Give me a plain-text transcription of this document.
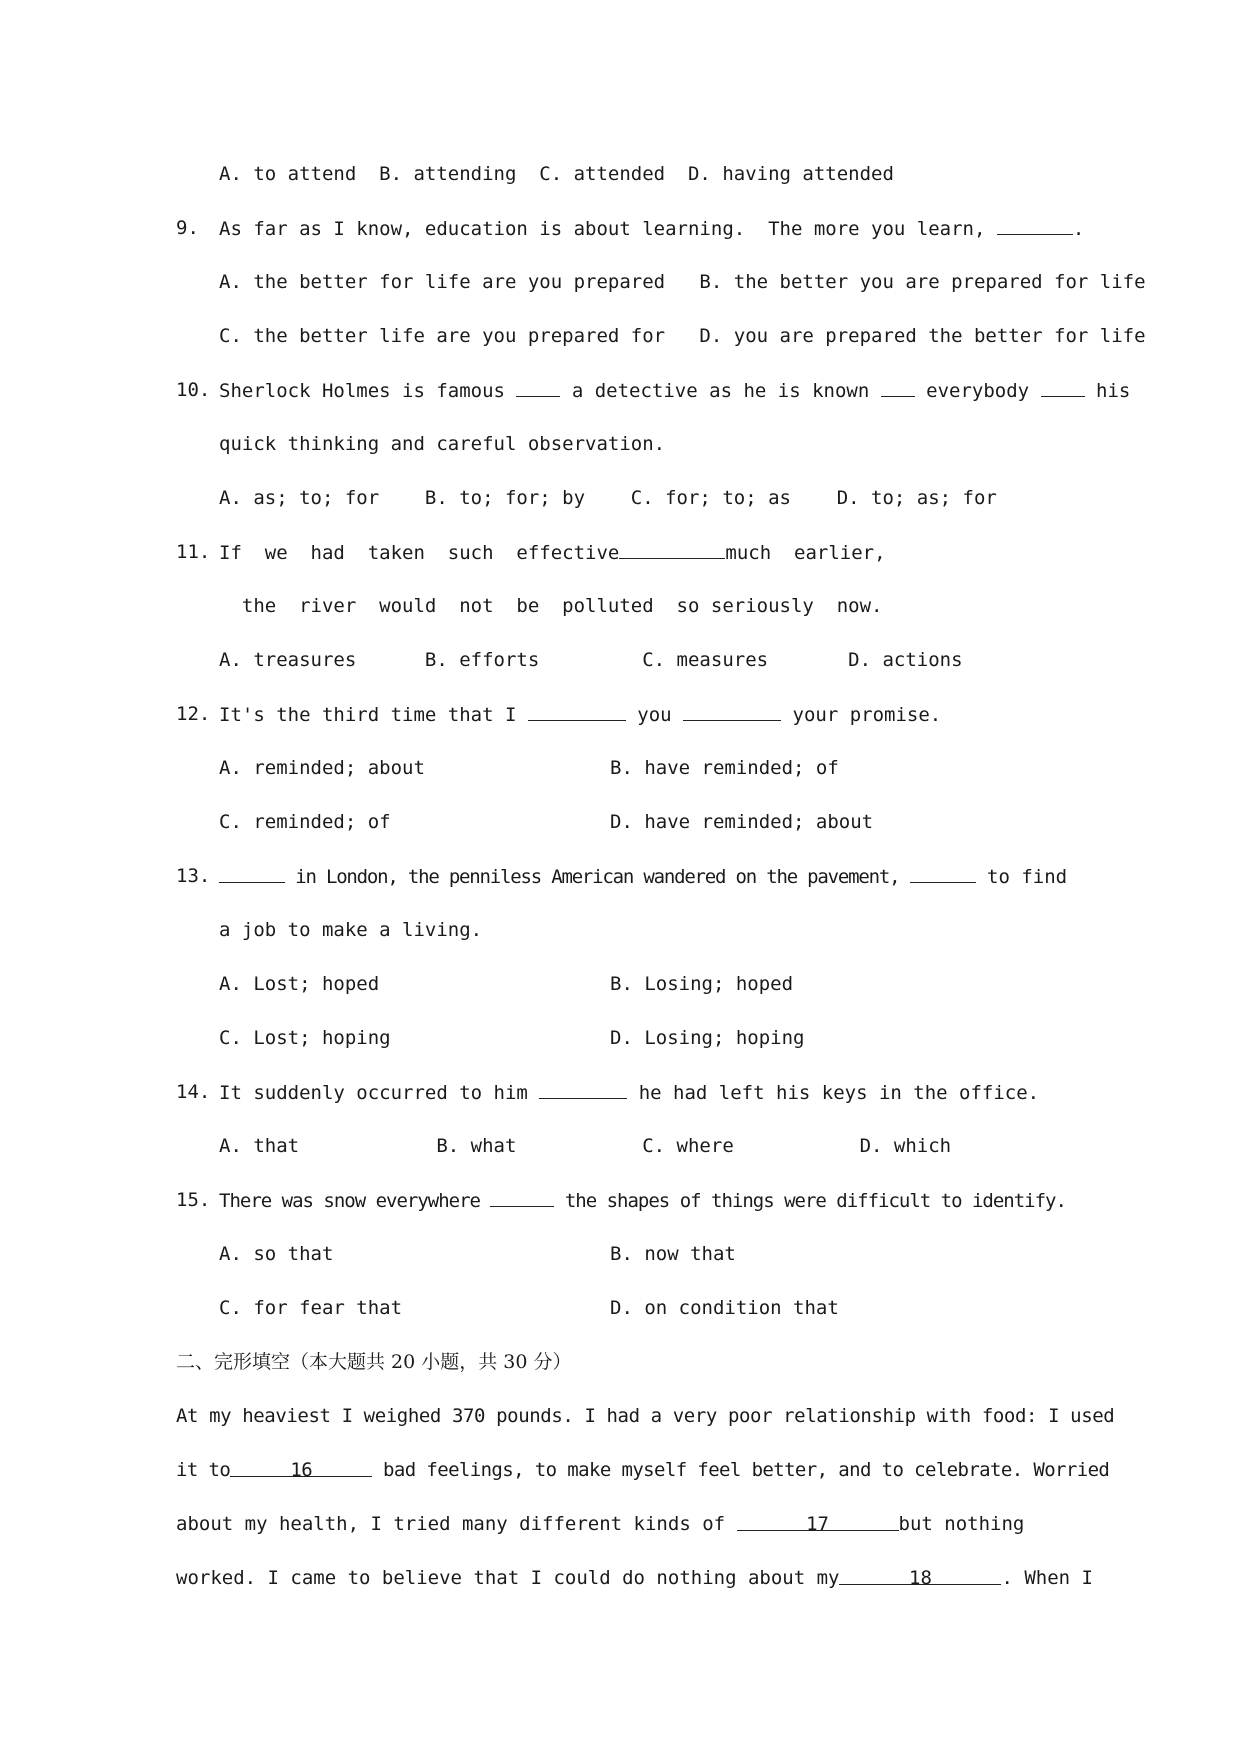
A. to attend  B. attending  C. attended  D. having attended
9. As far as I know, education is about learning.  The more you learn,	.
A. the better for life are you prepared   B. the better you are prepared for life
C. the better life are you prepared for   D. you are prepared the better for life
10. Sherlock Holmes is famous  a detective as he is known  everybody  his
quick thinking and careful observation.
A. as; to; for    B. to; for; by    C. for; to; as    D. to; as; for
11. If  we  had  taken  such  effective	much  earlier,
the  river  would  not  be  polluted  so seriously  now.
A. treasures      B. efforts         C. measures       D. actions
12. It's the third time that I	you	your promise.
A. reminded; about	B. have reminded; of
C. reminded; of	D. have reminded; about
13.	in London, the penniless American wandered on the pavement,	to find
a job to make a living.
A. Lost; hoped	B. Losing; hoped
C. Lost; hoping	D. Losing; hoping
14. It suddenly occurred to him	he had left his keys in the office.
A. that            B. what           C. where           D. which
15. There was snow everywhere	the shapes of things were difficult to identify.
A. so that	B. now that
C. for fear that	D. on condition that
二、完形填空（本大题共 20 小题，共 30 分）
At my heaviest I weighed 370 pounds. I had a very poor relationship with food: I used
it to	16	bad feelings, to make myself feel better, and to celebrate. Worried
about my health, I tried many different kinds of	17	but nothing
worked. I came to believe that I could do nothing about my	18	. When I
